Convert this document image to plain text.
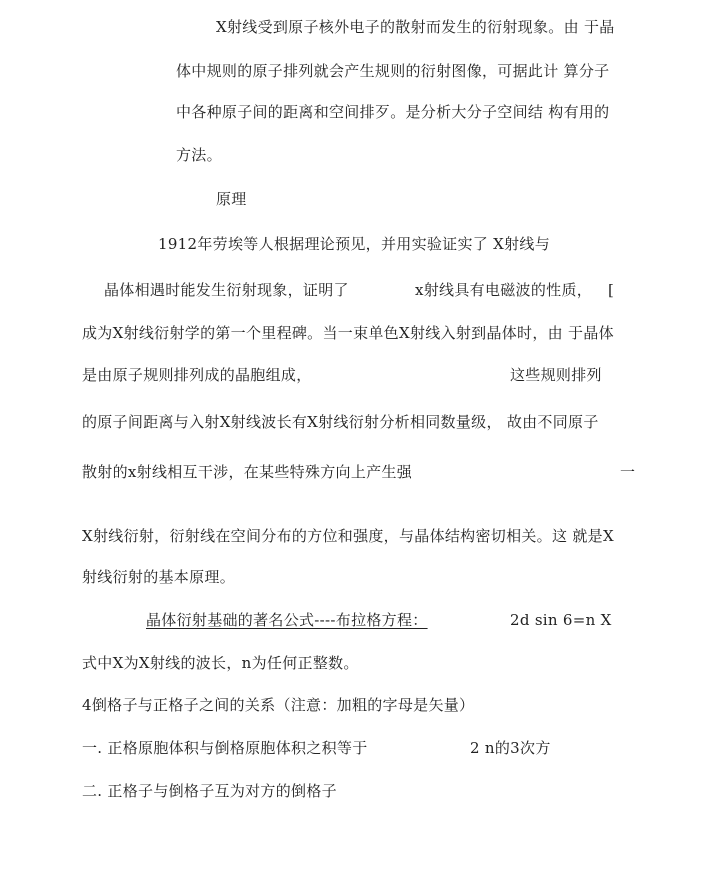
X射线受到原子核外电子的散射而发生的衍射现象。由 于晶
体中规则的原子排列就会产生规则的衍射图像，可据此计 算分子
中各种原子间的距离和空间排歹。是分析大分子空间结 构有用的
方法。
原理
1912年劳埃等人根据理论预见，并用实验证实了 X射线与
晶体相遇时能发生衍射现象，证明了	x射线具有电磁波的性质， [
成为X射线衍射学的第一个里程碑。当一束单色X射线入射到晶体时，由 于晶体
是由原子规则排列成的晶胞组成，	这些规则排列
的原子间距离与入射X射线波长有X射线衍射分析相同数量级， 故由不同原子
散射的x射线相互干涉，在某些特殊方向上产生强	一
X射线衍射，衍射线在空间分布的方位和强度，与晶体结构密切相关。这 就是X
射线衍射的基本原理。
晶体衍射基础的著名公式----布拉格方程：	2d sin 6=n X
式中X为X射线的波长，n为任何正整数。
4倒格子与正格子之间的关系（注意：加粗的字母是矢量）
一. 正格原胞体积与倒格原胞体积之积等于	2 n的3次方
二. 正格子与倒格子互为对方的倒格子
